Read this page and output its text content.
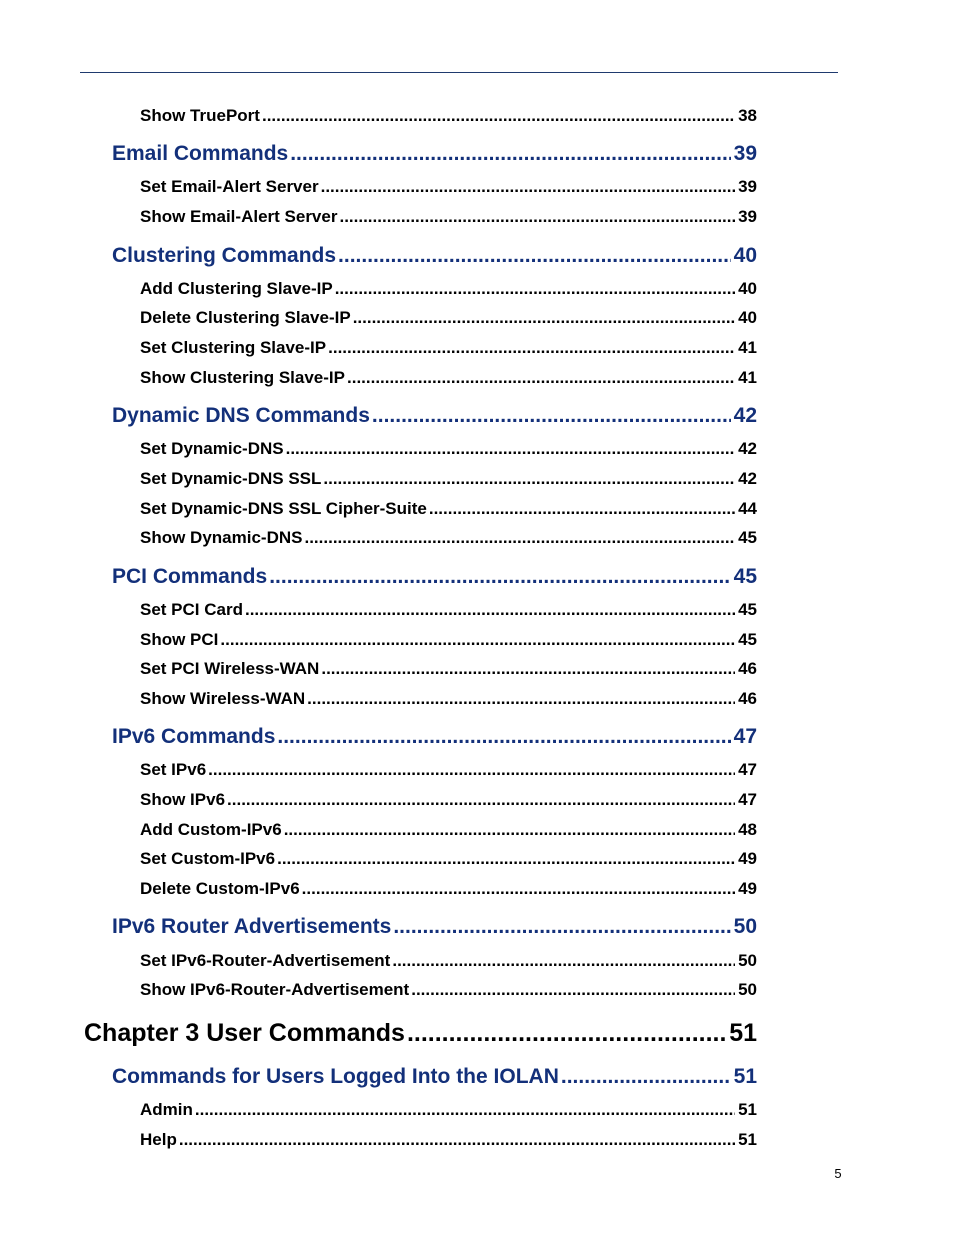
Show TruePort .....	38
Email Commands .....	39
Set Email-Alert Server .....	39
Show Email-Alert Server .....	39
Clustering Commands .....	40
Add Clustering Slave-IP .....	40
Delete Clustering Slave-IP .....	40
Set Clustering Slave-IP .....	41
Show Clustering Slave-IP .....	41
Dynamic DNS Commands .....	42
Set Dynamic-DNS .....	42
Set Dynamic-DNS SSL .....	42
Set Dynamic-DNS SSL Cipher-Suite .....	44
Show Dynamic-DNS .....	45
PCI Commands .....	45
Set PCI Card .....	45
Show PCI .....	45
Set PCI Wireless-WAN .....	46
Show Wireless-WAN .....	46
IPv6 Commands .....	47
Set IPv6 .....	47
Show IPv6 .....	47
Add Custom-IPv6 .....	48
Set Custom-IPv6 .....	49
Delete Custom-IPv6 .....	49
IPv6 Router Advertisements .....	50
Set IPv6-Router-Advertisement .....	50
Show IPv6-Router-Advertisement .....	50
Chapter 3 User Commands .....	51
Commands for Users Logged Into the IOLAN .....	51
Admin .....	51
Help .....	51
5
